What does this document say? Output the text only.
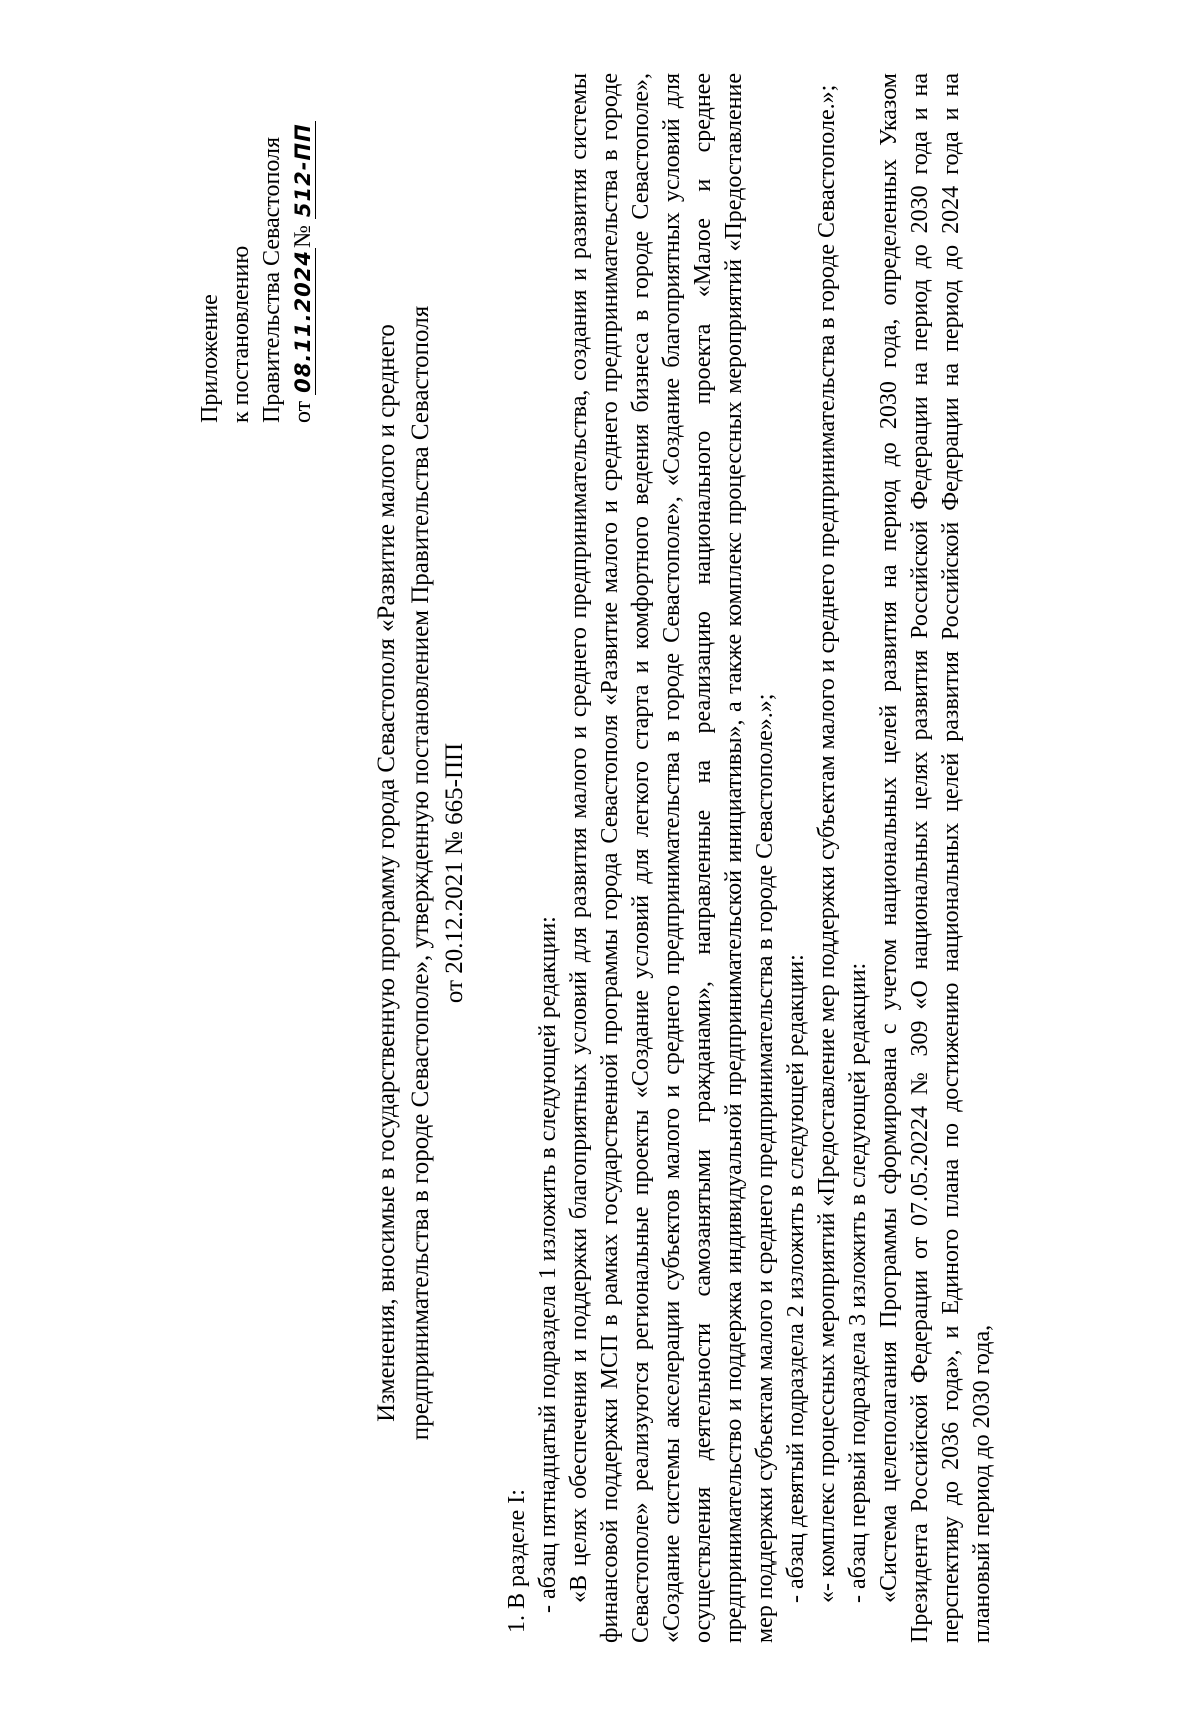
Приложение к постановлению Правительства Севастополя от 08.11.2024№ 512-ПП
Изменения, вносимые в государственную программу города Севастополя «Развитие малого и среднего предпринимательства в городе Севастополе», утвержденную постановлением Правительства Севастополя от 20.12.2021 № 665-ПП

1. В разделе I: - абзац пятнадцатый подраздела 1 изложить в следующей редакции: «В целях обеспечения и поддержки благоприятных условий для развития малого и среднего предпринимательства, создания и развития системы финансовой поддержки МСП в рамках государственной программы города Севастополя «Развитие малого и среднего предпринимательства в городе Севастополе» реализуются региональные проекты «Создание условий для легкого старта и комфортного ведения бизнеса в городе Севастополе», «Создание системы акселерации субъектов малого и среднего предпринимательства в городе Севастополе», «Создание благоприятных условий для осуществления деятельности самозанятыми гражданами», направленные на реализацию национального проекта «Малое и среднее предпринимательство и поддержка индивидуальной предпринимательской инициативы», а также комплекс процессных мероприятий «Предоставление мер поддержки субъектам малого и среднего предпринимательства в городе Севастополе».»; - абзац девятый подраздела 2 изложить в следующей редакции: «- комплекс процессных мероприятий «Предоставление мер поддержки субъектам малого и среднего предпринимательства в городе Севастополе.»; - абзац первый подраздела 3 изложить в следующей редакции: «Система целеполагания Программы сформирована с учетом национальных целей развития на период до 2030 года, определенных Указом Президента Российской Федерации от 07.05.20224 № 309 «О национальных целях развития Российской Федерации на период до 2030 года и на перспективу до 2036 года», и Единого плана по достижению национальных целей развития Российской Федерации на период до 2024 года и на плановый период до 2030 года,
